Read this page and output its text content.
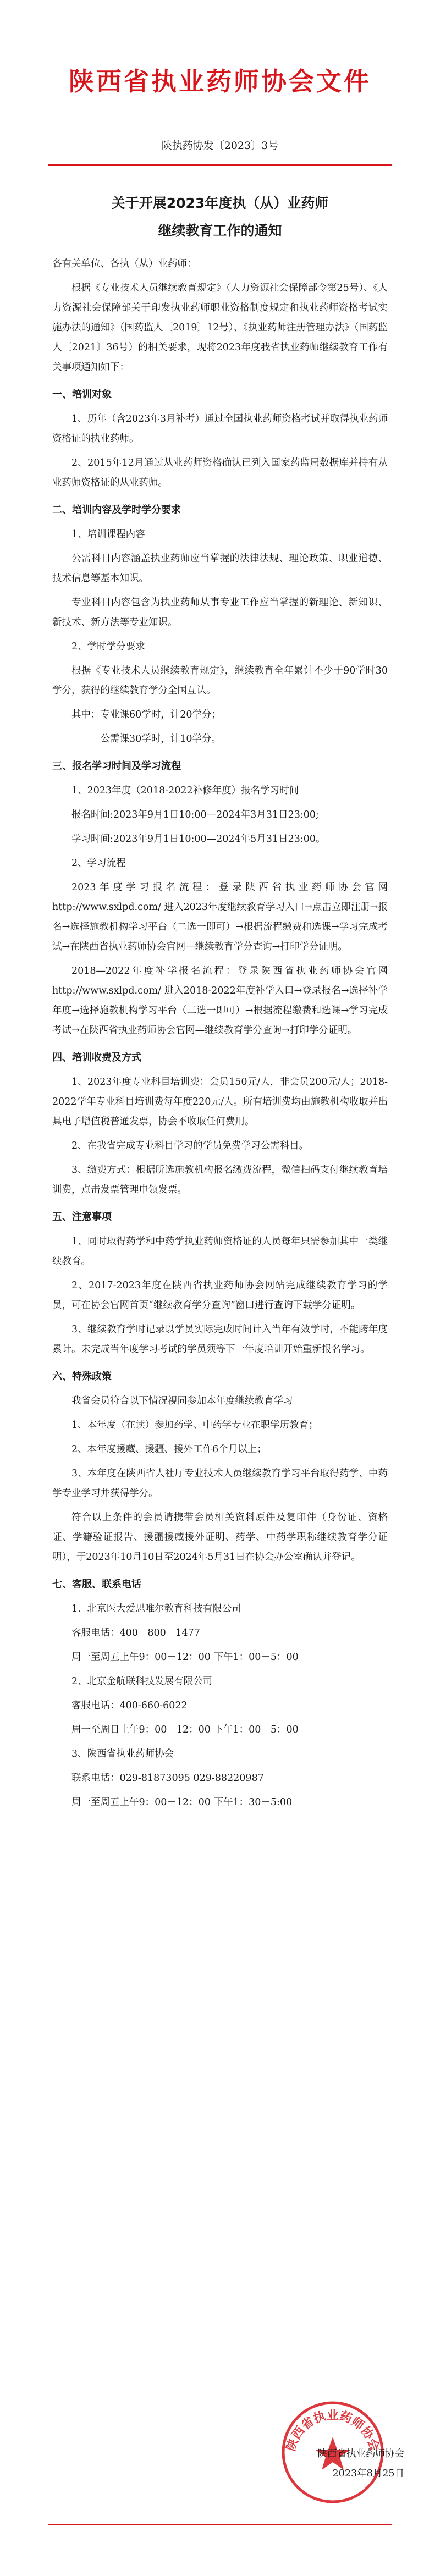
陕西省执业药师协会文件
陕执药协发〔2023〕3号
关于开展2023年度执（从）业药师
继续教育工作的通知

各有关单位、各执（从）业药师：

根据《专业技术人员继续教育规定》（人力资源社会保障部令第25号）、《人力资源社会保障部关于印发执业药师职业资格制度规定和执业药师资格考试实施办法的通知》（国药监人〔2019〕12号）、《执业药师注册管理办法》（国药监人〔2021〕36号）的相关要求，现将2023年度我省执业药师继续教育工作有关事项通知如下：

一、培训对象

1、历年（含2023年3月补考）通过全国执业药师资格考试并取得执业药师资格证的执业药师。

2、2015年12月通过从业药师资格确认已列入国家药监局数据库并持有从业药师资格证的从业药师。

二、培训内容及学时学分要求

1、培训课程内容

公需科目内容涵盖执业药师应当掌握的法律法规、理论政策、职业道德、技术信息等基本知识。

专业科目内容包含为执业药师从事专业工作应当掌握的新理论、新知识、新技术、新方法等专业知识。

2、学时学分要求

根据《专业技术人员继续教育规定》，继续教育全年累计不少于90学时30学分，获得的继续教育学分全国互认。

其中：专业课60学时，计20学分；

公需课30学时，计10学分。

三、报名学习时间及学习流程

1、2023年度（2018-2022补修年度）报名学习时间

报名时间:2023年9月1日10:00—2024年3月31日23:00;

学习时间:2023年9月1日10:00—2024年5月31日23:00。

2、学习流程

2023年度学习报名流程：登录陕西省执业药师协会官网http://www.sxlpd.com/ 进入2023年度继续教育学习入口→点击立即注册→报名→选择施教机构学习平台（二选一即可）→根据流程缴费和选课→学习完成考试→在陕西省执业药师协会官网—继续教育学分查询→打印学分证明。

2018—2022年度补学报名流程：登录陕西省执业药师协会官网http://www.sxlpd.com/ 进入2018-2022年度补学入口→登录报名→选择补学年度→选择施教机构学习平台（二选一即可）→根据流程缴费和选课→学习完成考试→在陕西省执业药师协会官网—继续教育学分查询→打印学分证明。

四、培训收费及方式

1、2023年度专业科目培训费：会员150元/人，非会员200元/人；2018-2022学年专业科目培训费每年度220元/人。所有培训费均由施教机构收取并出具电子增值税普通发票，协会不收取任何费用。

2、在我省完成专业科目学习的学员免费学习公需科目。

3、缴费方式：根据所选施教机构报名缴费流程，微信扫码支付继续教育培训费，点击发票管理申领发票。

五、注意事项

1、同时取得药学和中药学执业药师资格证的人员每年只需参加其中一类继续教育。

2、2017-2023年度在陕西省执业药师协会网站完成继续教育学习的学员，可在协会官网首页“继续教育学分查询”窗口进行查询下载学分证明。

3、继续教育学时记录以学员实际完成时间计入当年有效学时，不能跨年度累计。未完成当年度学习考试的学员须等下一年度培训开始重新报名学习。

六、特殊政策

我省会员符合以下情况视同参加本年度继续教育学习

1、本年度（在读）参加药学、中药学专业在职学历教育；

2、本年度援藏、援疆、援外工作6个月以上；

3、本年度在陕西省人社厅专业技术人员继续教育学习平台取得药学、中药学专业学习并获得学分。

符合以上条件的会员请携带会员相关资料原件及复印件（身份证、资格证、学籍验证报告、援疆援藏援外证明、药学、中药学职称继续教育学分证明），于2023年10月10日至2024年5月31日在协会办公室确认并登记。

七、客服、联系电话

1、北京医大爱思唯尔教育科技有限公司

客服电话：400－800－1477

周一至周五上午9：00－12：00 下午1：00－5：00

2、北京金航联科技发展有限公司

客服电话：400-660-6022

周一至周日上午9：00－12：00 下午1：00－5：00

3、陕西省执业药师协会

联系电话：029-81873095 029-88220987

周一至周五上午9：00－12：00 下午1：30－5:00

陕西省执业药师协会
陕西省执业药师协会
2023年8月25日
